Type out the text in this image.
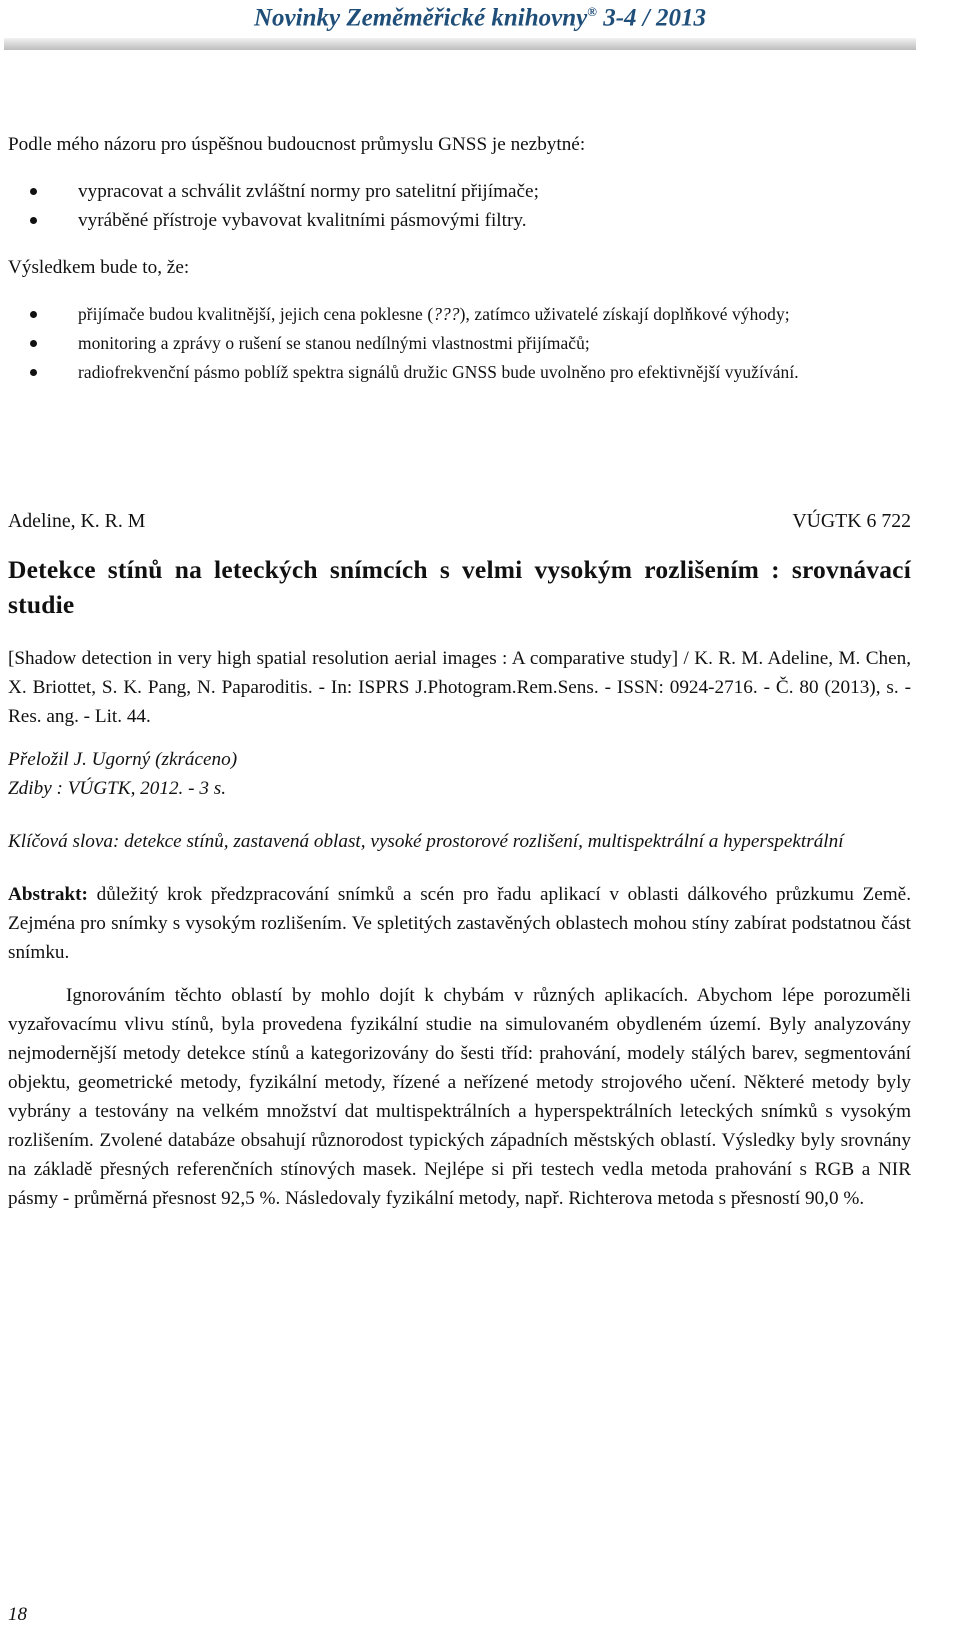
Novinky Zeměměřické knihovny® 3-4 / 2013

Podle mého názoru pro úspěšnou budoucnost průmyslu GNSS je nezbytné:

vypracovat a schválit zvláštní normy pro satelitní přijímače;
vyráběné přístroje vybavovat kvalitními pásmovými filtry.

Výsledkem bude to, že:

přijímače budou kvalitnější, jejich cena poklesne (???), zatímco uživatelé získají doplňkové výhody;
monitoring a zprávy o rušení se stanou nedílnými vlastnostmi přijímačů;
radiofrekvenční pásmo poblíž spektra signálů družic GNSS bude uvolněno pro efektivnější využívání.
Adeline, K. R. M	VÚGTK 6 722

Detekce stínů na leteckých snímcích s velmi vysokým rozlišením : srovnávací studie

[Shadow detection in very high spatial resolution aerial images : A comparative study] / K. R. M. Adeline, M. Chen, X. Briottet, S. K. Pang, N. Paparoditis. - In: ISPRS J.Photogram.Rem.Sens. - ISSN: 0924-2716. - Č. 80 (2013), s. - Res. ang. - Lit. 44.

Přeložil J. Ugorný (zkráceno)

Zdiby : VÚGTK, 2012. - 3 s.

Klíčová slova: detekce stínů, zastavená oblast, vysoké prostorové rozlišení, multispektrální a hyperspektrální

Abstrakt: důležitý krok předzpracování snímků a scén pro řadu aplikací v oblasti dálkového průzkumu Země. Zejména pro snímky s vysokým rozlišením. Ve spletitých zastavěných oblastech mohou stíny zabírat podstatnou část snímku.

Ignorováním těchto oblastí by mohlo dojít k chybám v různých aplikacích. Abychom lépe porozuměli vyzařovacímu vlivu stínů, byla provedena fyzikální studie na simulovaném obydleném území. Byly analyzovány nejmodernější metody detekce stínů a kategorizovány do šesti tříd: prahování, modely stálých barev, segmentování objektu, geometrické metody, fyzikální metody, řízené a neřízené metody strojového učení. Některé metody byly vybrány a testovány na velkém množství dat multispektrálních a hyperspektrálních leteckých snímků s vysokým rozlišením. Zvolené databáze obsahují různorodost typických západních městských oblastí. Výsledky byly srovnány na základě přesných referenčních stínových masek. Nejlépe si při testech vedla metoda prahování s RGB a NIR pásmy - průměrná přesnost 92,5 %. Následovaly fyzikální metody, např. Richterova metoda s přesností 90,0 %.

18
